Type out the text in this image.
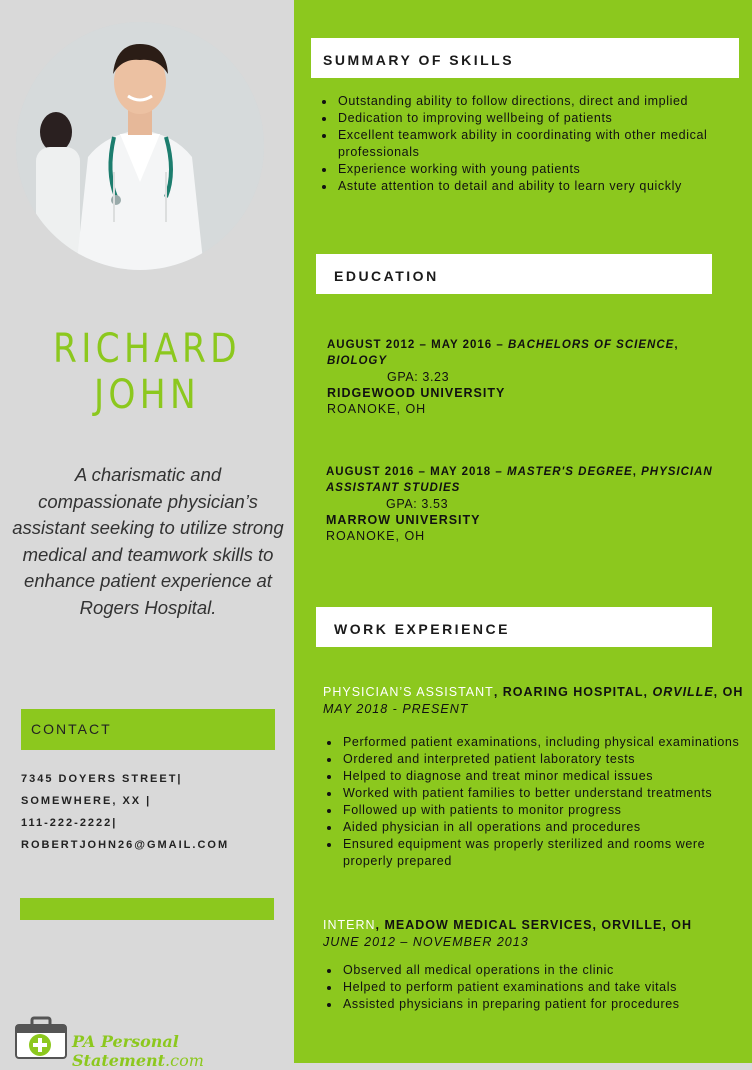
RICHARD JOHN
A charismatic and compassionate physician’s assistant seeking to utilize strong medical and teamwork skills to enhance patient experience at Rogers Hospital.
CONTACT
7345 DOYERS STREET|
SOMEWHERE, XX |
111-222-2222|
ROBERTJOHN26@GMAIL.COM
PA Personal Statement.com
SUMMARY OF SKILLS
• Outstanding ability to follow directions, direct and implied
• Dedication to improving wellbeing of patients
• Excellent teamwork ability in coordinating with other medical professionals
• Experience working with young patients
• Astute attention to detail and ability to learn very quickly
EDUCATION
AUGUST 2012 – MAY 2016 – BACHELORS OF SCIENCE, BIOLOGY
GPA: 3.23
RIDGEWOOD UNIVERSITY
ROANOKE, OH
AUGUST 2016 – MAY 2018 – MASTER'S DEGREE, PHYSICIAN ASSISTANT STUDIES
GPA: 3.53
MARROW UNIVERSITY
ROANOKE, OH
WORK EXPERIENCE
PHYSICIAN’S ASSISTANT, ROARING HOSPITAL, ORVILLE, OH
MAY 2018 - PRESENT
• Performed patient examinations, including physical examinations
• Ordered and interpreted patient laboratory tests
• Helped to diagnose and treat minor medical issues
• Worked with patient families to better understand treatments
• Followed up with patients to monitor progress
• Aided physician in all operations and procedures
• Ensured equipment was properly sterilized and rooms were properly prepared
INTERN, MEADOW MEDICAL SERVICES, ORVILLE, OH
JUNE 2012 – NOVEMBER 2013
• Observed all medical operations in the clinic
• Helped to perform patient examinations and take vitals
• Assisted physicians in preparing patient for procedures
